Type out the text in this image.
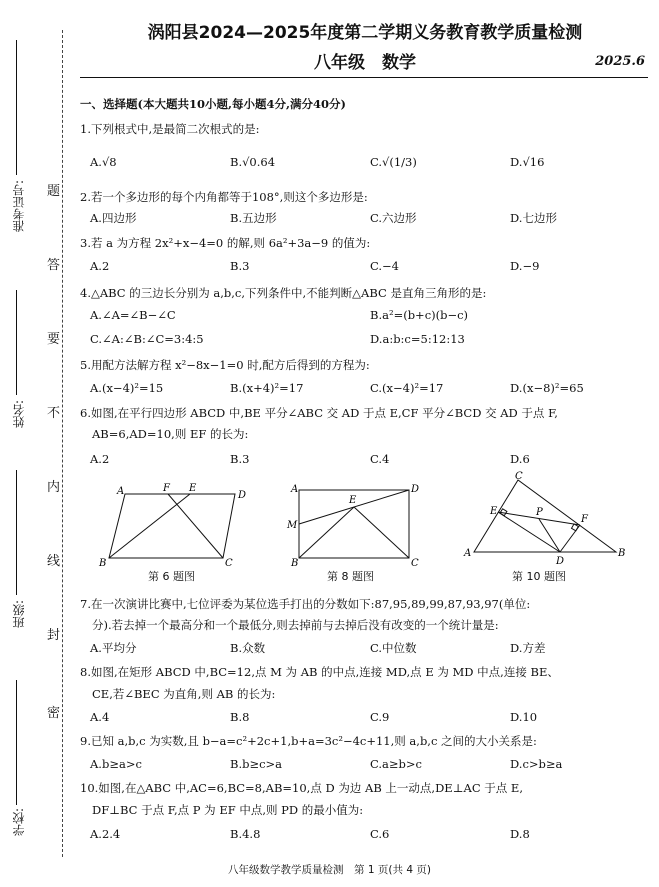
准考证号:
姓名:
班级:
学校:
题
答
要
不
内
线
封
密
涡阳县2024—2025年度第二学期义务教育教学质量检测
八年级　数学	2025.6
一、选择题(本大题共10小题,每小题4分,满分40分)
1.下列根式中,是最简二次根式的是:
A.√8	B.√0.64	C.√(1/3)	D.√16
2.若一个多边形的每个内角都等于108°,则这个多边形是:
A.四边形	B.五边形	C.六边形	D.七边形
3.若 a 为方程 2x²+x−4=0 的解,则 6a²+3a−9 的值为:
A.2	B.3	C.−4	D.−9
4.△ABC 的三边长分别为 a,b,c,下列条件中,不能判断△ABC 是直角三角形的是:
A.∠A=∠B−∠C	B.a²=(b+c)(b−c)
C.∠A:∠B:∠C=3:4:5	D.a:b:c=5:12:13
5.用配方法解方程 x²−8x−1=0 时,配方后得到的方程为:
A.(x−4)²=15	B.(x+4)²=17	C.(x−4)²=17	D.(x−8)²=65
6.如图,在平行四边形 ABCD 中,BE 平分∠ABC 交 AD 于点 E,CF 平分∠BCD 交 AD 于点 F,
AB=6,AD=10,则 EF 的长为:
A.2	B.3	C.4	D.6
A	F E
D
B	C
第 6 题图
A	D
M
E
B	C
第 8 题图
C
E	P
F
A
D
B
第 10 题图
7.在一次演讲比赛中,七位评委为某位选手打出的分数如下:87,95,89,99,87,93,97(单位:
分).若去掉一个最高分和一个最低分,则去掉前与去掉后没有改变的一个统计量是:
A.平均分	B.众数	C.中位数	D.方差
8.如图,在矩形 ABCD 中,BC=12,点 M 为 AB 的中点,连接 MD,点 E 为 MD 中点,连接 BE、
CE,若∠BEC 为直角,则 AB 的长为:
A.4	B.8	C.9	D.10
9.已知 a,b,c 为实数,且 b−a=c²+2c+1,b+a=3c²−4c+11,则 a,b,c 之间的大小关系是:
A.b≥a>c	B.b≥c>a	C.a≥b>c	D.c>b≥a
10.如图,在△ABC 中,AC=6,BC=8,AB=10,点 D 为边 AB 上一动点,DE⊥AC 于点 E,
DF⊥BC 于点 F,点 P 为 EF 中点,则 PD 的最小值为:
A.2.4	B.4.8	C.6	D.8
八年级数学教学质量检测　第 1 页(共 4 页)
